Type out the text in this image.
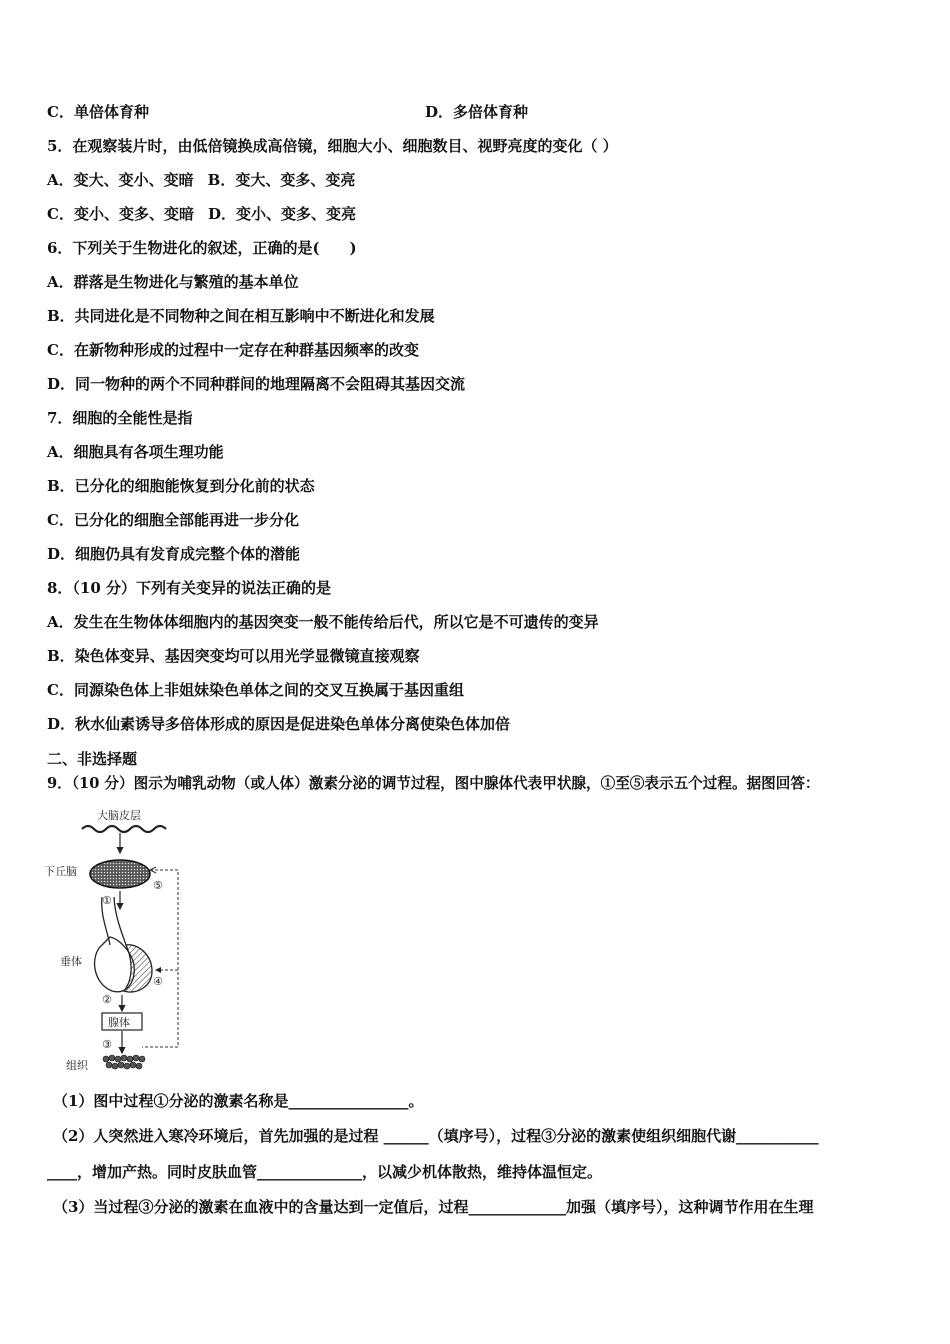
C．单倍体育种	D．多倍体育种
5．在观察装片时，由低倍镜换成高倍镜，细胞大小、细胞数目、视野亮度的变化（ ）
A．变大、变小、变暗 B．变大、变多、变亮
C．变小、变多、变暗 D．变小、变多、变亮
6．下列关于生物进化的叙述，正确的是(　　)
A．群落是生物进化与繁殖的基本单位
B．共同进化是不同物种之间在相互影响中不断进化和发展
C．在新物种形成的过程中一定存在种群基因频率的改变
D．同一物种的两个不同种群间的地理隔离不会阻碍其基因交流
7．细胞的全能性是指
A．细胞具有各项生理功能
B．已分化的细胞能恢复到分化前的状态
C．已分化的细胞全部能再进一步分化
D．细胞仍具有发育成完整个体的潜能
8．（10 分）下列有关变异的说法正确的是
A．发生在生物体体细胞内的基因突变一般不能传给后代，所以它是不可遗传的变异
B．染色体变异、基因突变均可以用光学显微镜直接观察
C．同源染色体上非姐妹染色单体之间的交叉互换属于基因重组
D．秋水仙素诱导多倍体形成的原因是促进染色单体分离使染色体加倍
二、非选择题
9．（10 分）图示为哺乳动物（或人体）激素分泌的调节过程，图中腺体代表甲状腺，①至⑤表示五个过程。据图回答：
大脑皮层
下丘脑
⑤
①
垂体
④
②
腺体
③
组织
（1）图中过程①分泌的激素名称是________________。
（2）人突然进入寒冷环境后，首先加强的是过程 ______（填序号），过程③分泌的激素使组织细胞代谢___________
____，增加产热。同时皮肤血管______________，以减少机体散热，维持体温恒定。
（3）当过程③分泌的激素在血液中的含量达到一定值后，过程_____________加强（填序号），这种调节作用在生理
